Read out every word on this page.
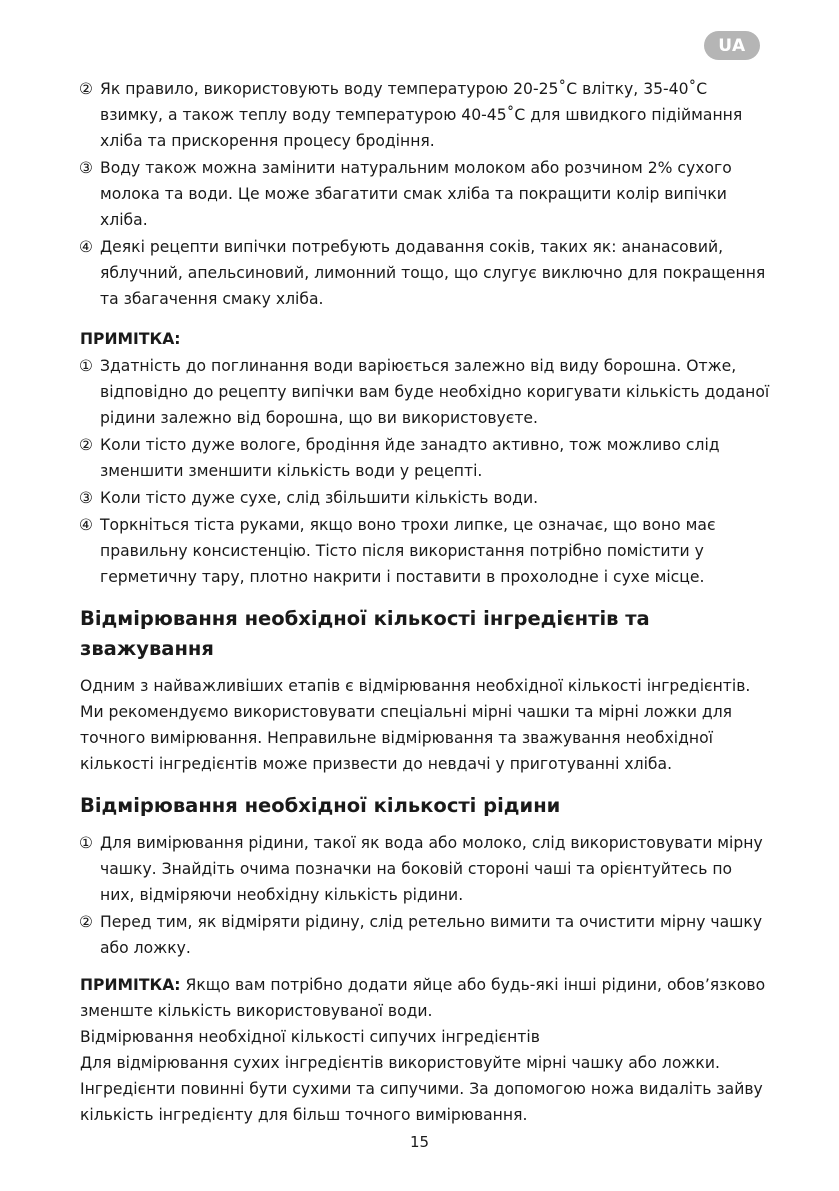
UA
② Як правило, використовують воду температурою 20-25˚C влітку, 35-40˚C взимку, а також теплу воду температурою 40-45˚C для швидкого підіймання хліба та прискорення процесу бродіння.
③ Воду також можна замінити натуральним молоком або розчином 2% сухого молока та води. Це може збагатити смак хліба та покращити колір випічки хліба.
④ Деякі рецепти випічки потребують додавання соків, таких як: ананасовий, яблучний, апельсиновий, лимонний тощо, що слугує виключно для покращення та збагачення смаку хліба.
ПРИМІТКА:
① Здатність до поглинання води варіюється залежно від виду борошна. Отже, відповідно до рецепту випічки вам буде необхідно коригувати кількість доданої рідини залежно від борошна, що ви використовуєте.
② Коли тісто дуже вологе, бродіння йде занадто активно, тож можливо слід зменшити зменшити кількість води у рецепті.
③ Коли тісто дуже сухе, слід збільшити кількість води.
④ Торкніться тіста руками, якщо воно трохи липке, це означає, що воно має правильну консистенцію. Тісто після використання потрібно помістити у герметичну тару, плотно накрити і поставити в прохолодне і сухе місце.
Відмірювання необхідної кількості інгредієнтів та зважування

Одним з найважливіших етапів є відмірювання необхідної кількості інгредієнтів. Ми рекомендуємо використовувати спеціальні мірні чашки та мірні ложки для точного вимірювання. Неправильне відмірювання та зважування необхідної кількості інгредієнтів може призвести до невдачі у приготуванні хліба.

Відмірювання необхідної кількості рідини
① Для вимірювання рідини, такої як вода або молоко, слід використовувати мірну чашку. Знайдіть очима позначки на боковій стороні чаші та орієнтуйтесь по них, відміряючи необхідну кількість рідини.
② Перед тим, як відміряти рідину, слід ретельно вимити та очистити мірну чашку або ложку.

ПРИМІТКА: Якщо вам потрібно додати яйце або будь-які інші рідини, обов’язково зменште кількість використовуваної води.

Відмірювання необхідної кількості сипучих інгредієнтів

Для відмірювання сухих інгредієнтів використовуйте мірні чашку або ложки. Інгредієнти повинні бути сухими та сипучими. За допомогою ножа видаліть зайву кількість інгредієнту для більш точного вимірювання.

15
